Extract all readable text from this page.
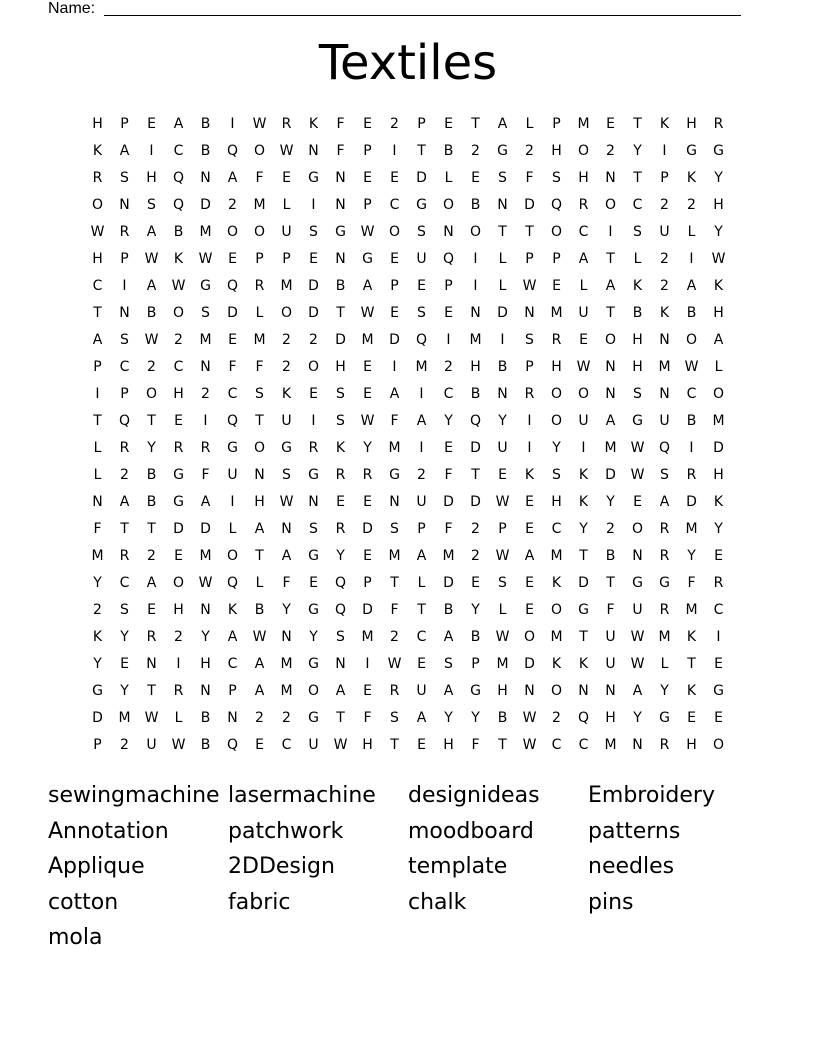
Name:
Textiles
H	P	E	A	B	I	W	R	K	F	E	2	P	E	T	A	L	P	M	E	T	K	H	R
K	A	I	C	B	Q	O	W	N	F	P	I	T	B	2	G	2	H	O	2	Y	I	G	G
R	S	H	Q	N	A	F	E	G	N	E	E	D	L	E	S	F	S	H	N	T	P	K	Y
O	N	S	Q	D	2	M	L	I	N	P	C	G	O	B	N	D	Q	R	O	C	2	2	H
W	R	A	B	M	O	O	U	S	G	W	O	S	N	O	T	T	O	C	I	S	U	L	Y
H	P	W	K	W	E	P	P	E	N	G	E	U	Q	I	L	P	P	A	T	L	2	I	W
C	I	A	W	G	Q	R	M	D	B	A	P	E	P	I	L	W	E	L	A	K	2	A	K
T	N	B	O	S	D	L	O	D	T	W	E	S	E	N	D	N	M	U	T	B	K	B	H
A	S	W	2	M	E	M	2	2	D	M	D	Q	I	M	I	S	R	E	O	H	N	O	A
P	C	2	C	N	F	F	2	O	H	E	I	M	2	H	B	P	H	W	N	H	M	W	L
I	P	O	H	2	C	S	K	E	S	E	A	I	C	B	N	R	O	O	N	S	N	C	O
T	Q	T	E	I	Q	T	U	I	S	W	F	A	Y	Q	Y	I	O	U	A	G	U	B	M
L	R	Y	R	R	G	O	G	R	K	Y	M	I	E	D	U	I	Y	I	M	W	Q	I	D
L	2	B	G	F	U	N	S	G	R	R	G	2	F	T	E	K	S	K	D	W	S	R	H
N	A	B	G	A	I	H	W	N	E	E	N	U	D	D	W	E	H	K	Y	E	A	D	K
F	T	T	D	D	L	A	N	S	R	D	S	P	F	2	P	E	C	Y	2	O	R	M	Y
M	R	2	E	M	O	T	A	G	Y	E	M	A	M	2	W	A	M	T	B	N	R	Y	E
Y	C	A	O	W	Q	L	F	E	Q	P	T	L	D	E	S	E	K	D	T	G	G	F	R
2	S	E	H	N	K	B	Y	G	Q	D	F	T	B	Y	L	E	O	G	F	U	R	M	C
K	Y	R	2	Y	A	W	N	Y	S	M	2	C	A	B	W	O	M	T	U	W	M	K	I
Y	E	N	I	H	C	A	M	G	N	I	W	E	S	P	M	D	K	K	U	W	L	T	E
G	Y	T	R	N	P	A	M	O	A	E	R	U	A	G	H	N	O	N	N	A	Y	K	G
D	M	W	L	B	N	2	2	G	T	F	S	A	Y	Y	B	W	2	Q	H	Y	G	E	E
P	2	U	W	B	Q	E	C	U	W	H	T	E	H	F	T	W	C	C	M	N	R	H	O
sewingmachine lasermachine designideas Embroidery
Annotation	patchwork	moodboard patterns
Applique	2DDesign	template	needles
cotton	fabric	chalk	pins
mola
